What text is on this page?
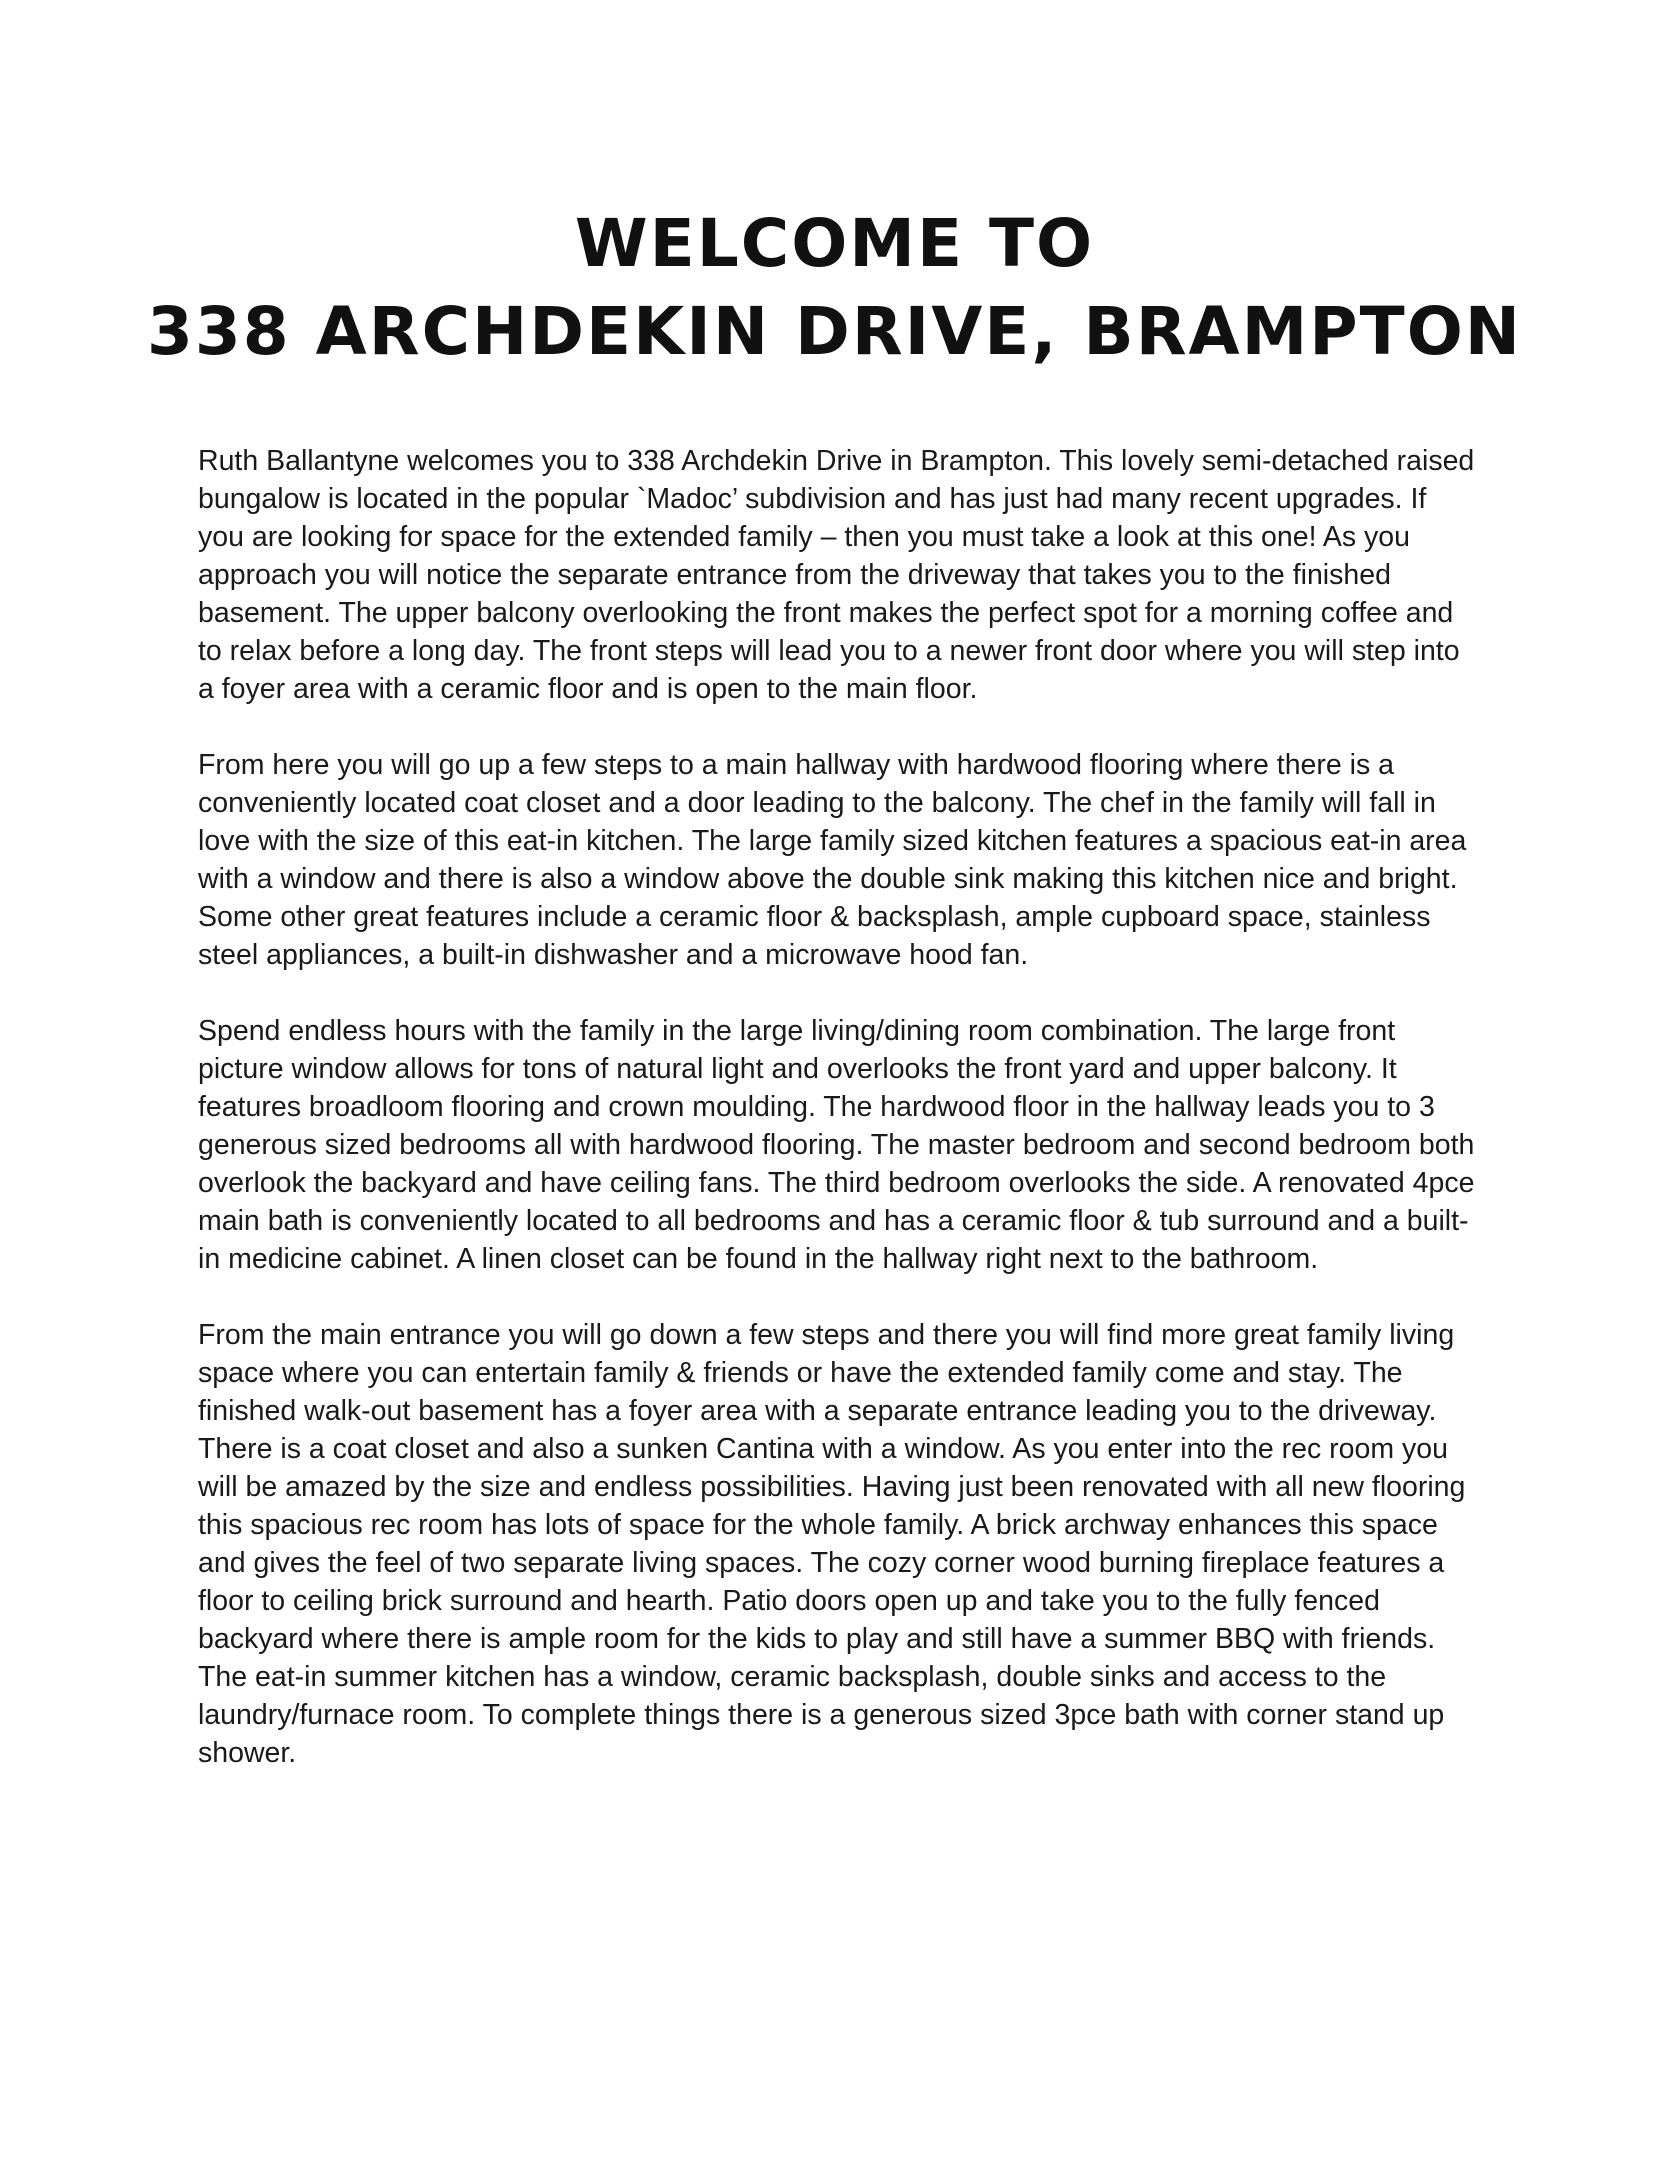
WELCOME TO
338 ARCHDEKIN DRIVE, BRAMPTON

Ruth Ballantyne welcomes you to 338 Archdekin Drive in Brampton. This lovely semi-detached raised bungalow is located in the popular `Madoc’ subdivision and has just had many recent upgrades. If you are looking for space for the extended family – then you must take a look at this one! As you approach you will notice the separate entrance from the driveway that takes you to the finished basement. The upper balcony overlooking the front makes the perfect spot for a morning coffee and to relax before a long day. The front steps will lead you to a newer front door where you will step into a foyer area with a ceramic floor and is open to the main floor.

From here you will go up a few steps to a main hallway with hardwood flooring where there is a conveniently located coat closet and a door leading to the balcony. The chef in the family will fall in love with the size of this eat-in kitchen. The large family sized kitchen features a spacious eat-in area with a window and there is also a window above the double sink making this kitchen nice and bright. Some other great features include a ceramic floor & backsplash, ample cupboard space, stainless steel appliances, a built-in dishwasher and a microwave hood fan.

Spend endless hours with the family in the large living/dining room combination. The large front picture window allows for tons of natural light and overlooks the front yard and upper balcony. It features broadloom flooring and crown moulding. The hardwood floor in the hallway leads you to 3 generous sized bedrooms all with hardwood flooring. The master bedroom and second bedroom both overlook the backyard and have ceiling fans. The third bedroom overlooks the side. A renovated 4pce main bath is conveniently located to all bedrooms and has a ceramic floor & tub surround and a built-in medicine cabinet. A linen closet can be found in the hallway right next to the bathroom.

From the main entrance you will go down a few steps and there you will find more great family living space where you can entertain family & friends or have the extended family come and stay. The finished walk-out basement has a foyer area with a separate entrance leading you to the driveway. There is a coat closet and also a sunken Cantina with a window. As you enter into the rec room you will be amazed by the size and endless possibilities. Having just been renovated with all new flooring this spacious rec room has lots of space for the whole family. A brick archway enhances this space and gives the feel of two separate living spaces. The cozy corner wood burning fireplace features a floor to ceiling brick surround and hearth. Patio doors open up and take you to the fully fenced backyard where there is ample room for the kids to play and still have a summer BBQ with friends. The eat-in summer kitchen has a window, ceramic backsplash, double sinks and access to the laundry/furnace room. To complete things there is a generous sized 3pce bath with corner stand up shower.
